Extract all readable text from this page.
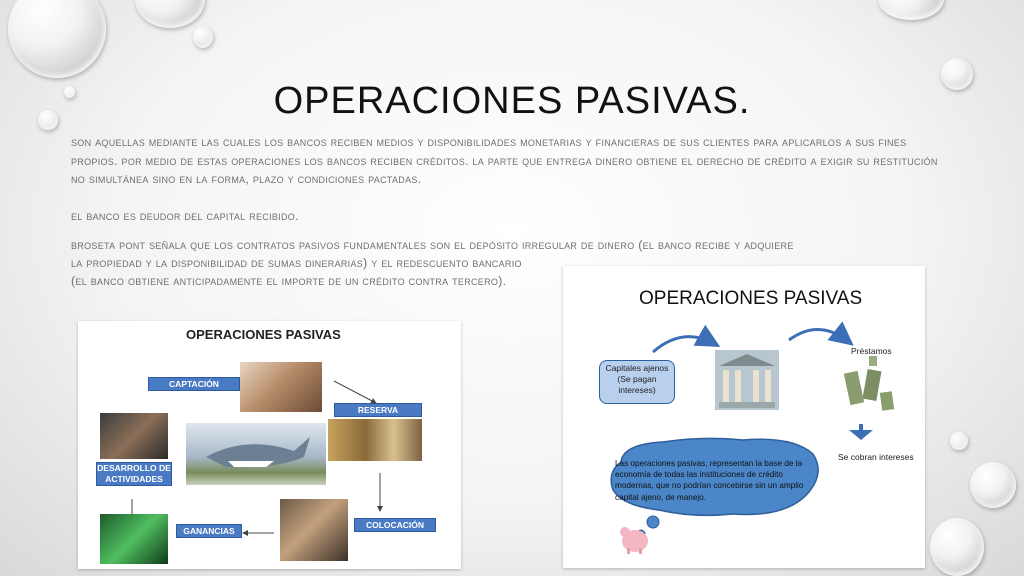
OPERACIONES PASIVAS.
son aquellas mediante las cuales los bancos reciben medios y disponibilidades monetarias y financieras de sus clientes para aplicarlos a sus fines propios. por medio de estas operaciones los bancos reciben créditos. la parte que entrega dinero obtiene el derecho de crédito a exigir su restitución no simultánea sino en la forma, plazo y condiciones pactadas.
el banco es deudor del capital recibido.
broseta pont señala que los contratos pasivos fundamentales son el depósito irregular de dinero (el banco recibe y adquiere
la propiedad y la disponibilidad de sumas dinerarias) y el redescuento bancario
(el banco obtiene anticipadamente el importe de un crédito contra tercero).
OPERACIONES PASIVAS
CAPTACIÓN
RESERVA
DESARROLLO DE
ACTIVIDADES
GANANCIAS
COLOCACIÓN
OPERACIONES PASIVAS
Capitales ajenos
(Se pagan
intereses)
Préstamos
Se cobran intereses
Las operaciones pasivas, representan la base de la
economía de todas las instituciones de crédito
modernas, que no podrían concebirse sin un amplio
capital ajeno, de manejo.
